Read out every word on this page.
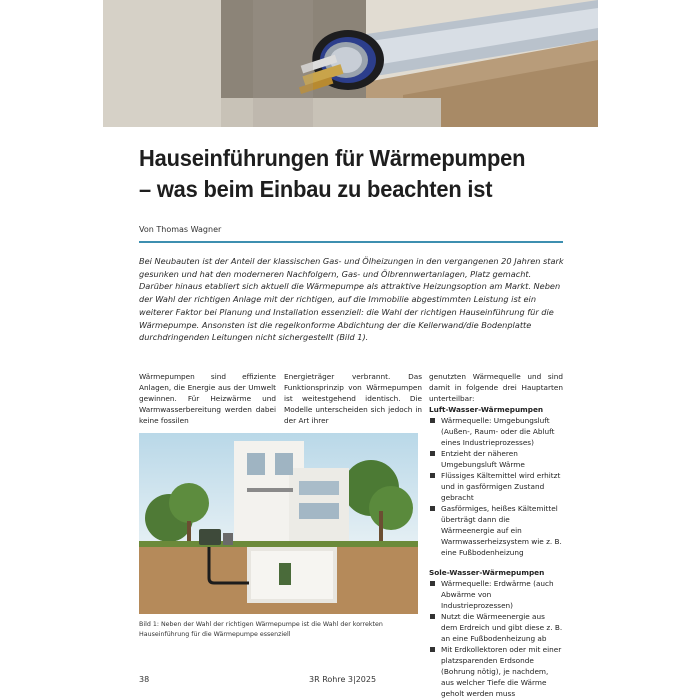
Hauseinführungen für Wärmepumpen
– was beim Einbau zu beachten ist
Von Thomas Wagner

Bei Neubauten ist der Anteil der klassischen Gas- und Ölheizungen in den vergangenen 20 Jahren stark gesunken und hat den moderneren Nachfolgern, Gas- und Ölbrennwertanlagen, Platz gemacht. Darüber hinaus etabliert sich aktuell die Wärmepumpe als attraktive Heizungsoption am Markt. Neben der Wahl der richtigen Anlage mit der richtigen, auf die Immobilie abgestimmten Leistung ist ein weiterer Faktor bei Planung und Installation essenziell: die Wahl der richtigen Hauseinführung für die Wärmepumpe. Ansonsten ist die regelkonforme Abdichtung der die Kellerwand/die Bodenplatte durchdringenden Leitungen nicht sichergestellt (Bild 1).

Wärmepumpen sind effiziente Anlagen, die Energie aus der Umwelt gewinnen. Für Heizwärme und Warmwasserbereitung werden dabei keine fossilen

Energieträger verbrannt. Das Funktionsprinzip von Wärmepumpen ist weitestgehend identisch. Die Modelle unterscheiden sich jedoch in der Art ihrer

Bild 1: Neben der Wahl der richtigen Wärmepumpe ist die Wahl der korrekten Hauseinführung für die Wärmepumpe essenziell

genutzten Wärmequelle und sind damit in folgende drei Hauptarten unterteilbar:

Luft-Wasser-Wärmepumpen

Wärmequelle: Umgebungsluft (Außen-, Raum- oder die Abluft eines Industrieprozesses)
Entzieht der näheren Umgebungsluft Wärme
Flüssiges Kältemittel wird erhitzt und in gasförmigen Zustand gebracht
Gasförmiges, heißes Kältemittel überträgt dann die Wärmeenergie auf ein Warmwasserheizsystem wie z. B. eine Fußbodenheizung

Sole-Wasser-Wärmepumpen

Wärmequelle: Erdwärme (auch Abwärme von Industrieprozessen)
Nutzt die Wärmeenergie aus dem Erdreich und gibt diese z. B. an eine Fußbodenheizung ab
Mit Erdkollektoren oder mit einer platzsparenden Erdsonde (Bohrung nötig), je nachdem, aus welcher Tiefe die Wärme geholt werden muss
38	3R Rohre 3|2025
